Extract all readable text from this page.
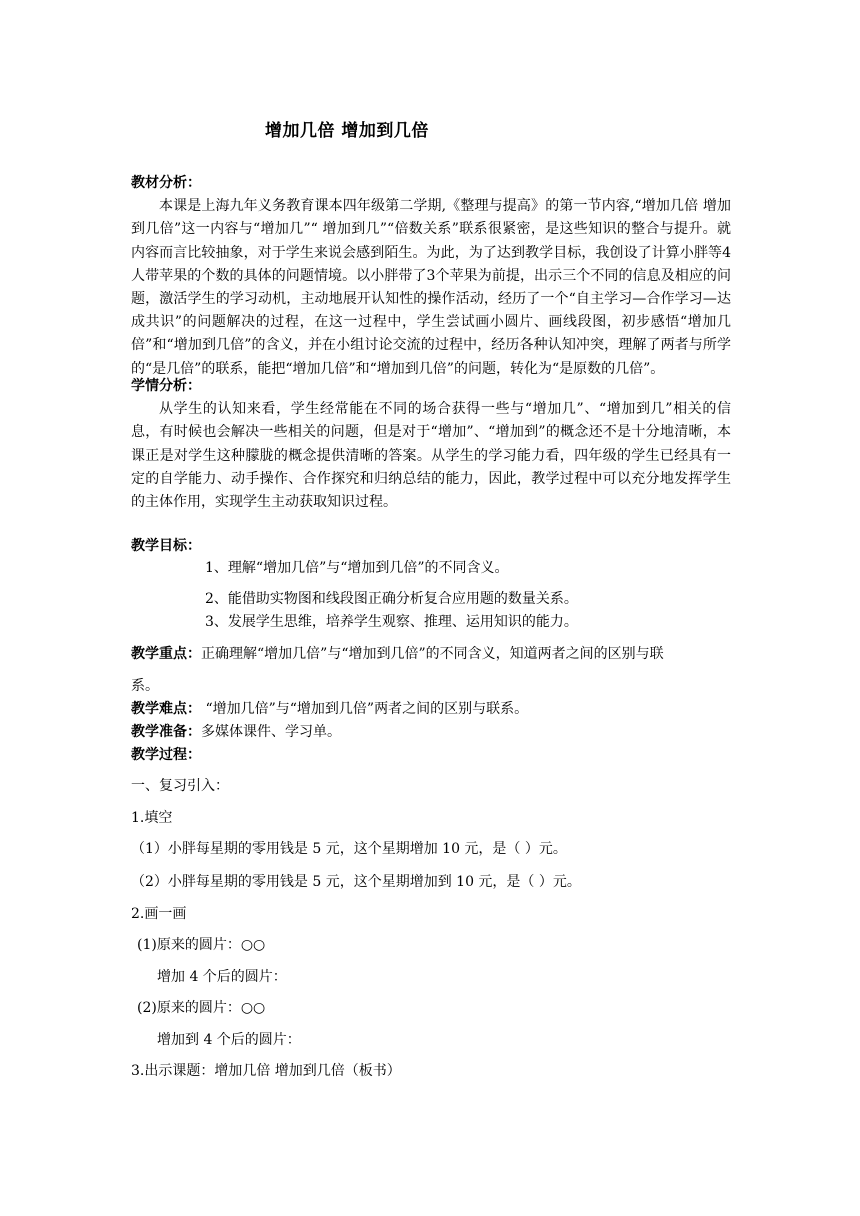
增加几倍 增加到几倍
教材分析：
本课是上海九年义务教育课本四年级第二学期,《整理与提高》的第一节内容,“增加几倍 增加到几倍”这一内容与“增加几”“ 增加到几”“倍数关系”联系很紧密，是这些知识的整合与提升。就内容而言比较抽象，对于学生来说会感到陌生。为此，为了达到教学目标，我创设了计算小胖等4人带苹果的个数的具体的问题情境。以小胖带了3个苹果为前提，出示三个不同的信息及相应的问题，激活学生的学习动机，主动地展开认知性的操作活动，经历了一个“自主学习—合作学习—达成共识”的问题解决的过程，在这一过程中，学生尝试画小圆片、画线段图，初步感悟“增加几倍”和“增加到几倍”的含义，并在小组讨论交流的过程中，经历各种认知冲突，理解了两者与所学的“是几倍”的联系，能把“增加几倍”和“增加到几倍”的问题，转化为“是原数的几倍”。
学情分析：
从学生的认知来看，学生经常能在不同的场合获得一些与“增加几”、“增加到几”相关的信息，有时候也会解决一些相关的问题，但是对于“增加”、“增加到”的概念还不是十分地清晰，本课正是对学生这种朦胧的概念提供清晰的答案。从学生的学习能力看，四年级的学生已经具有一定的自学能力、动手操作、合作探究和归纳总结的能力，因此，教学过程中可以充分地发挥学生的主体作用，实现学生主动获取知识过程。
教学目标：
1、理解“增加几倍”与“增加到几倍”的不同含义。
2、能借助实物图和线段图正确分析复合应用题的数量关系。
3、发展学生思维，培养学生观察、推理、运用知识的能力。
教学重点：正确理解“增加几倍”与“增加到几倍”的不同含义，知道两者之间的区别与联
系。
教学难点： “增加几倍”与“增加到几倍”两者之间的区别与联系。
教学准备：多媒体课件、学习单。
教学过程：
一、复习引入：
1.填空
（1）小胖每星期的零用钱是 5 元，这个星期增加 10 元，是（ ）元。
（2）小胖每星期的零用钱是 5 元，这个星期增加到 10 元，是（ ）元。
2.画一画
(1)原来的圆片：○○
增加 4 个后的圆片：
(2)原来的圆片：○○
增加到 4 个后的圆片：
3.出示课题：增加几倍 增加到几倍（板书）
